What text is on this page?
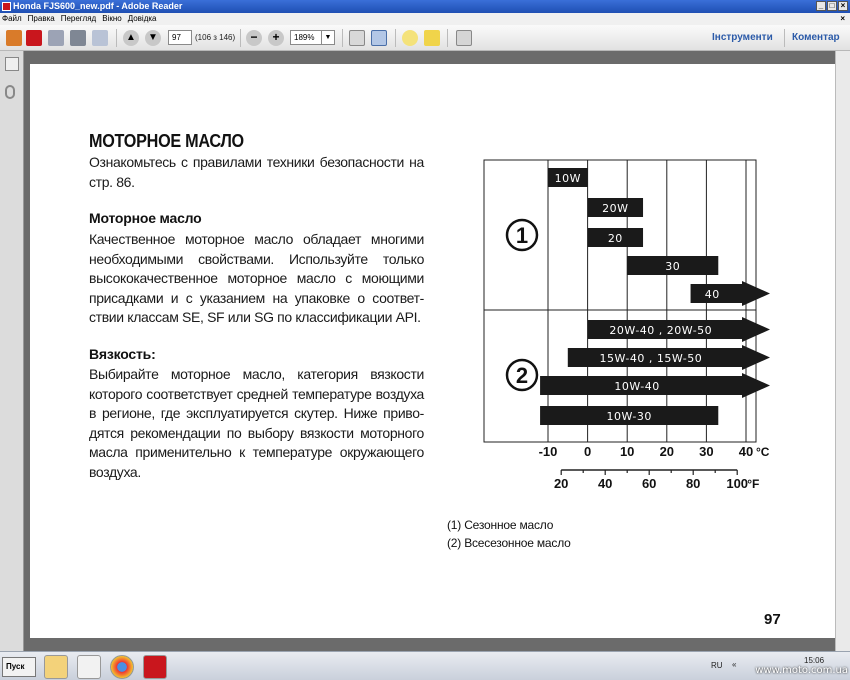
Honda FJS600_new.pdf - Adobe Reader	_ □ ×
Файл Правка Перегляд Вікно Довідка	×
▲	▼	97	(106 з 146)	−	+	189%	▼	Інструменти Коментар
МОТОРНОЕ МАСЛО
Ознакомьтесь с правилами техники безопасности на стр. 86.
Моторное масло
Качественное моторное масло обладает многими необходимыми свойствами. Используйте только высококачественное моторное масло с моющими присадками и с указанием на упаковке о соответ-ствии классам SE, SF или SG по классификации API.
Вязкость:
Выбирайте моторное масло, категория вязкости которого соответствует средней температуре воздуха в регионе, где эксплуатируется скутер. Ниже приво-дятся рекомендации по выбору вязкости моторного масла применительно к температуре окружающего воздуха.
1
2
10W
20W
20
30
40
20W-40 , 20W-50
15W-40 , 15W-50
10W-40
10W-30
-10 0 10 20 30 40 °C
20 40 60 80 100 °F
(1) Сезонное масло
(2) Всесезонное масло
97
Пуск	RU «	15:06
www.moto.com.ua
